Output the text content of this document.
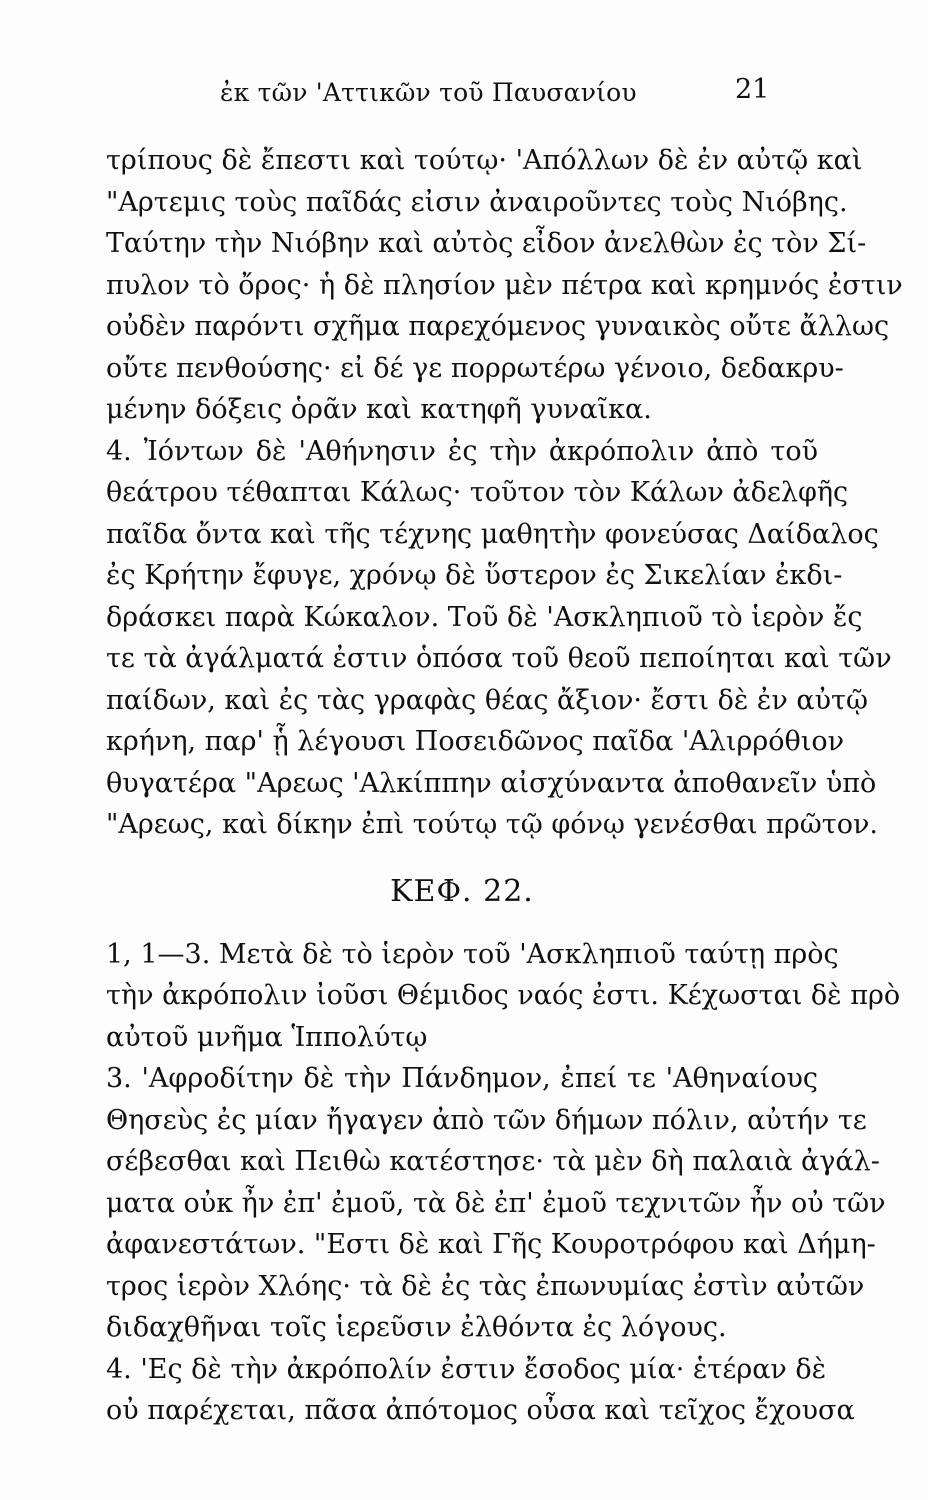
ἐκ τῶν 'Αττικῶν τοῦ Παυσανίου	21
τρίπους δὲ ἔπεστι καὶ τούτῳ· 'Απόλλων δὲ ἐν αὐτῷ καὶ
"Αρτεμις τοὺς παῖδάς εἰσιν ἀναιροῦντες τοὺς Νιόβης.
Ταύτην τὴν Νιόβην καὶ αὐτὸς εἶδον ἀνελθὼν ἐς τὸν Σί-
πυλον τὸ ὄρος· ἡ δὲ πλησίον μὲν πέτρα καὶ κρημνός ἐστιν
οὐδὲν παρόντι σχῆμα παρεχόμενος γυναικὸς οὔτε ἄλλως
οὔτε πενθούσης· εἰ δέ γε πορρωτέρω γένοιο, δεδακρυ-
μένην δόξεις ὁρᾶν καὶ κατηφῆ γυναῖκα.
4. Ἰόντων δὲ 'Αθήνησιν ἐς τὴν ἀκρόπολιν ἀπὸ τοῦ
θεάτρου τέθαπται Κάλως· τοῦτον τὸν Κάλων ἀδελφῆς
παῖδα ὄντα καὶ τῆς τέχνης μαθητὴν φονεύσας Δαίδαλος
ἐς Κρήτην ἔφυγε, χρόνῳ δὲ ὕστερον ἐς Σικελίαν ἐκδι-
δράσκει παρὰ Κώκαλον. Τοῦ δὲ 'Ασκληπιοῦ τὸ ἱερὸν ἔς
τε τὰ ἀγάλματά ἐστιν ὁπόσα τοῦ θεοῦ πεποίηται καὶ τῶν
παίδων, καὶ ἐς τὰς γραφὰς θέας ἄξιον· ἔστι δὲ ἐν αὐτῷ
κρήνη, παρ' ᾗ λέγουσι Ποσειδῶνος παῖδα 'Αλιρρόθιον
θυγατέρα "Αρεως 'Αλκίππην αἰσχύναντα ἀποθανεῖν ὑπὸ
"Αρεως, καὶ δίκην ἐπὶ τούτῳ τῷ φόνῳ γενέσθαι πρῶτον.
ΚΕΦ. 22.
1, 1—3. Μετὰ δὲ τὸ ἱερὸν τοῦ 'Ασκληπιοῦ ταύτῃ πρὸς
τὴν ἀκρόπολιν ἰοῦσι Θέμιδος ναός ἐστι. Κέχωσται δὲ πρὸ
αὐτοῦ μνῆμα Ἱππολύτῳ
3. 'Αφροδίτην δὲ τὴν Πάνδημον, ἐπεί τε 'Αθηναίους
Θησεὺς ἐς μίαν ἤγαγεν ἀπὸ τῶν δήμων πόλιν, αὐτήν τε
σέβεσθαι καὶ Πειθὼ κατέστησε· τὰ μὲν δὴ παλαιὰ ἀγάλ-
ματα οὐκ ἦν ἐπ' ἐμοῦ, τὰ δὲ ἐπ' ἐμοῦ τεχνιτῶν ἦν οὐ τῶν
ἀφανεστάτων. "Εστι δὲ καὶ Γῆς Κουροτρόφου καὶ Δήμη-
τρος ἱερὸν Χλόης· τὰ δὲ ἐς τὰς ἐπωνυμίας ἐστὶν αὐτῶν
διδαχθῆναι τοῖς ἱερεῦσιν ἐλθόντα ἐς λόγους.
4. 'Ες δὲ τὴν ἀκρόπολίν ἐστιν ἔσοδος μία· ἑτέραν δὲ
οὐ παρέχεται, πᾶσα ἀπότομος οὖσα καὶ τεῖχος ἔχουσα
